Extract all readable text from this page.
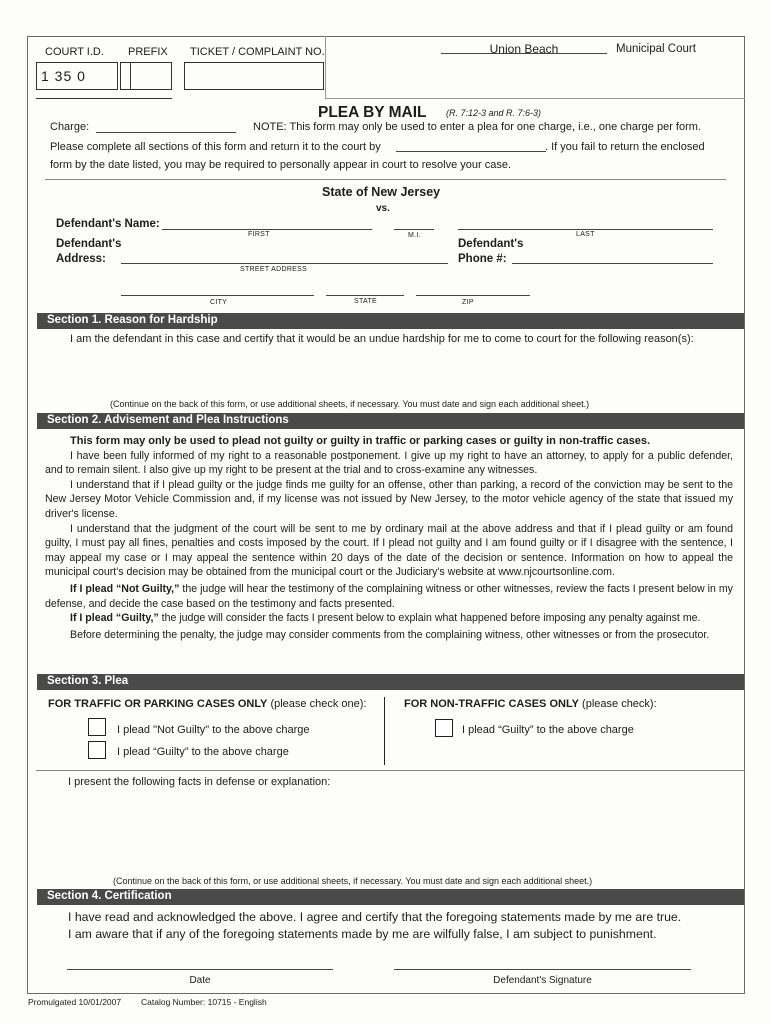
COURT I.D. PREFIX TICKET / COMPLAINT NO.
1 35 0
Union Beach	Municipal Court
PLEA BY MAIL (R. 7:12-3 and R. 7:6-3)
Charge:	NOTE: This form may only be used to enter a plea for one charge, i.e., one charge per form.
Please complete all sections of this form and return it to the court by	. If you fail to return the enclosed
form by the date listed, you may be required to personally appear in court to resolve your case.
State of New Jersey
vs.
Defendant's Name:
FIRST	M.I.	LAST
Defendant's
Address:
STREET ADDRESS
Defendant's
Phone #:
CITY	STATE	ZIP
Section 1. Reason for Hardship
I am the defendant in this case and certify that it would be an undue hardship for me to come to court for the following reason(s):
(Continue on the back of this form, or use additional sheets, if necessary. You must date and sign each additional sheet.)
Section 2. Advisement and Plea Instructions

This form may only be used to plead not guilty or guilty in traffic or parking cases or guilty in non-traffic cases.

I have been fully informed of my right to a reasonable postponement. I give up my right to have an attorney, to apply for a public defender, and to remain silent. I also give up my right to be present at the trial and to cross-examine any witnesses.

I understand that if I plead guilty or the judge finds me guilty for an offense, other than parking, a record of the conviction may be sent to the New Jersey Motor Vehicle Commission and, if my license was not issued by New Jersey, to the motor vehicle agency of the state that issued my driver's license.

I understand that the judgment of the court will be sent to me by ordinary mail at the above address and that if I plead guilty or am found guilty, I must pay all fines, penalties and costs imposed by the court. If I plead not guilty and I am found guilty or if I disagree with the sentence, I may appeal my case or I may appeal the sentence within 20 days of the date of the decision or sentence. Information on how to appeal the municipal court's decision may be obtained from the municipal court or the Judiciary's website at www.njcourtsonline.com.

If I plead “Not Guilty,” the judge will hear the testimony of the complaining witness or other witnesses, review the facts I present below in my defense, and decide the case based on the testimony and facts presented.

If I plead “Guilty,” the judge will consider the facts I present below to explain what happened before imposing any penalty against me.

Before determining the penalty, the judge may consider comments from the complaining witness, other witnesses or from the prosecutor.

Section 3. Plea
FOR TRAFFIC OR PARKING CASES ONLY (please check one):	FOR NON-TRAFFIC CASES ONLY (please check):
I plead "Not Guilty" to the above charge
I plead “Guilty” to the above charge
I plead “Guilty” to the above charge
I present the following facts in defense or explanation:
(Continue on the back of this form, or use additional sheets, if necessary. You must date and sign each additional sheet.)
Section 4. Certification
I have read and acknowledged the above. I agree and certify that the foregoing statements made by me are true.
I am aware that if any of the foregoing statements made by me are wilfully false, I am subject to punishment.
Date	Defendant's Signature
Promulgated 10/01/2007 Catalog Number: 10715 - English
